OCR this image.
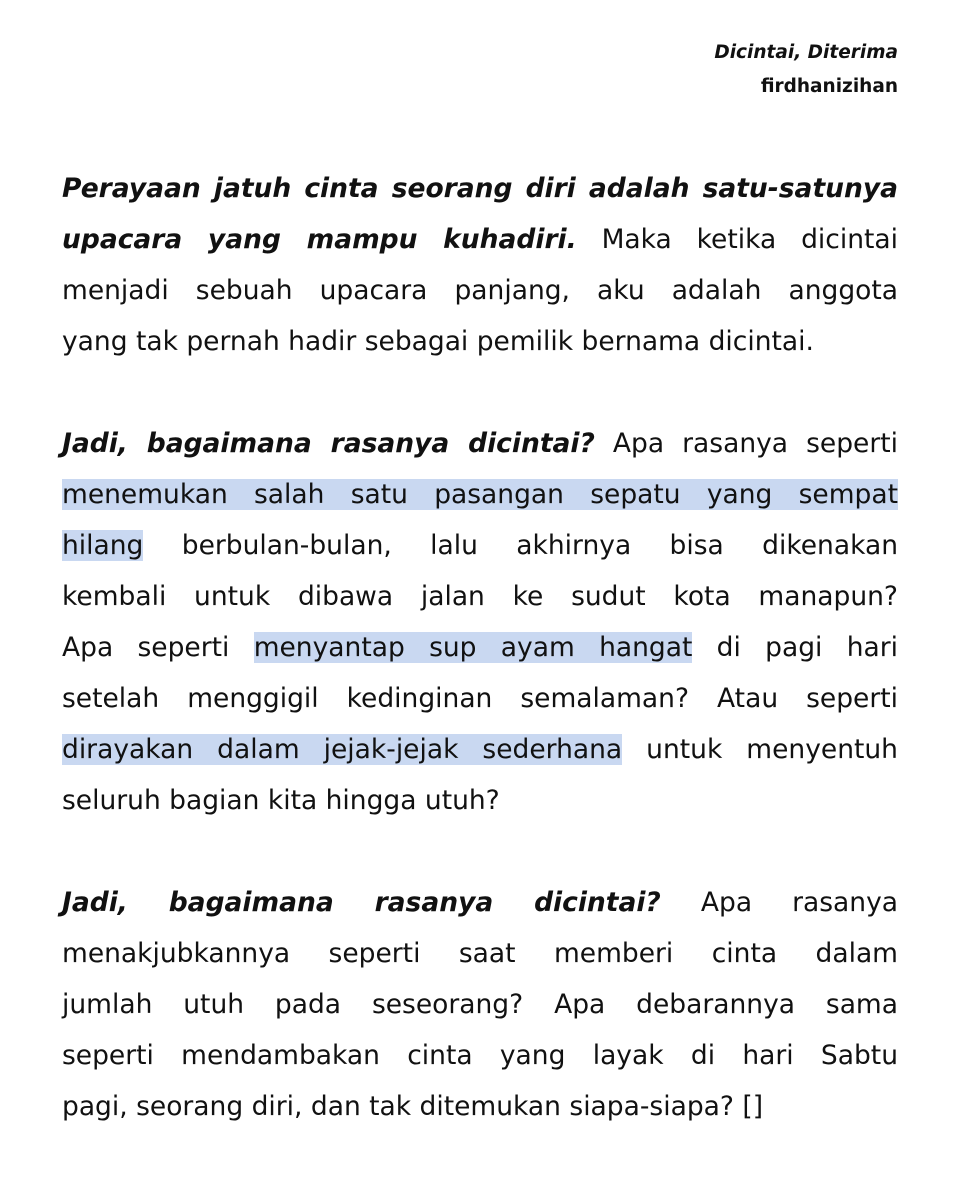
Dicintai, Diterima
firdhanizihan

Perayaan jatuh cinta seorang diri adalah satu-satunya
upacara yang mampu kuhadiri. Maka ketika dicintai
menjadi sebuah upacara panjang, aku adalah anggota
yang tak pernah hadir sebagai pemilik bernama dicintai.

Jadi, bagaimana rasanya dicintai? Apa rasanya seperti
menemukan salah satu pasangan sepatu yang sempat
hilang berbulan-bulan, lalu akhirnya bisa dikenakan
kembali untuk dibawa jalan ke sudut kota manapun?
Apa seperti menyantap sup ayam hangat di pagi hari
setelah menggigil kedinginan semalaman? Atau seperti
dirayakan dalam jejak-jejak sederhana untuk menyentuh
seluruh bagian kita hingga utuh?

Jadi, bagaimana rasanya dicintai? Apa rasanya
menakjubkannya seperti saat memberi cinta dalam
jumlah utuh pada seseorang? Apa debarannya sama
seperti mendambakan cinta yang layak di hari Sabtu
pagi, seorang diri, dan tak ditemukan siapa-siapa? []
